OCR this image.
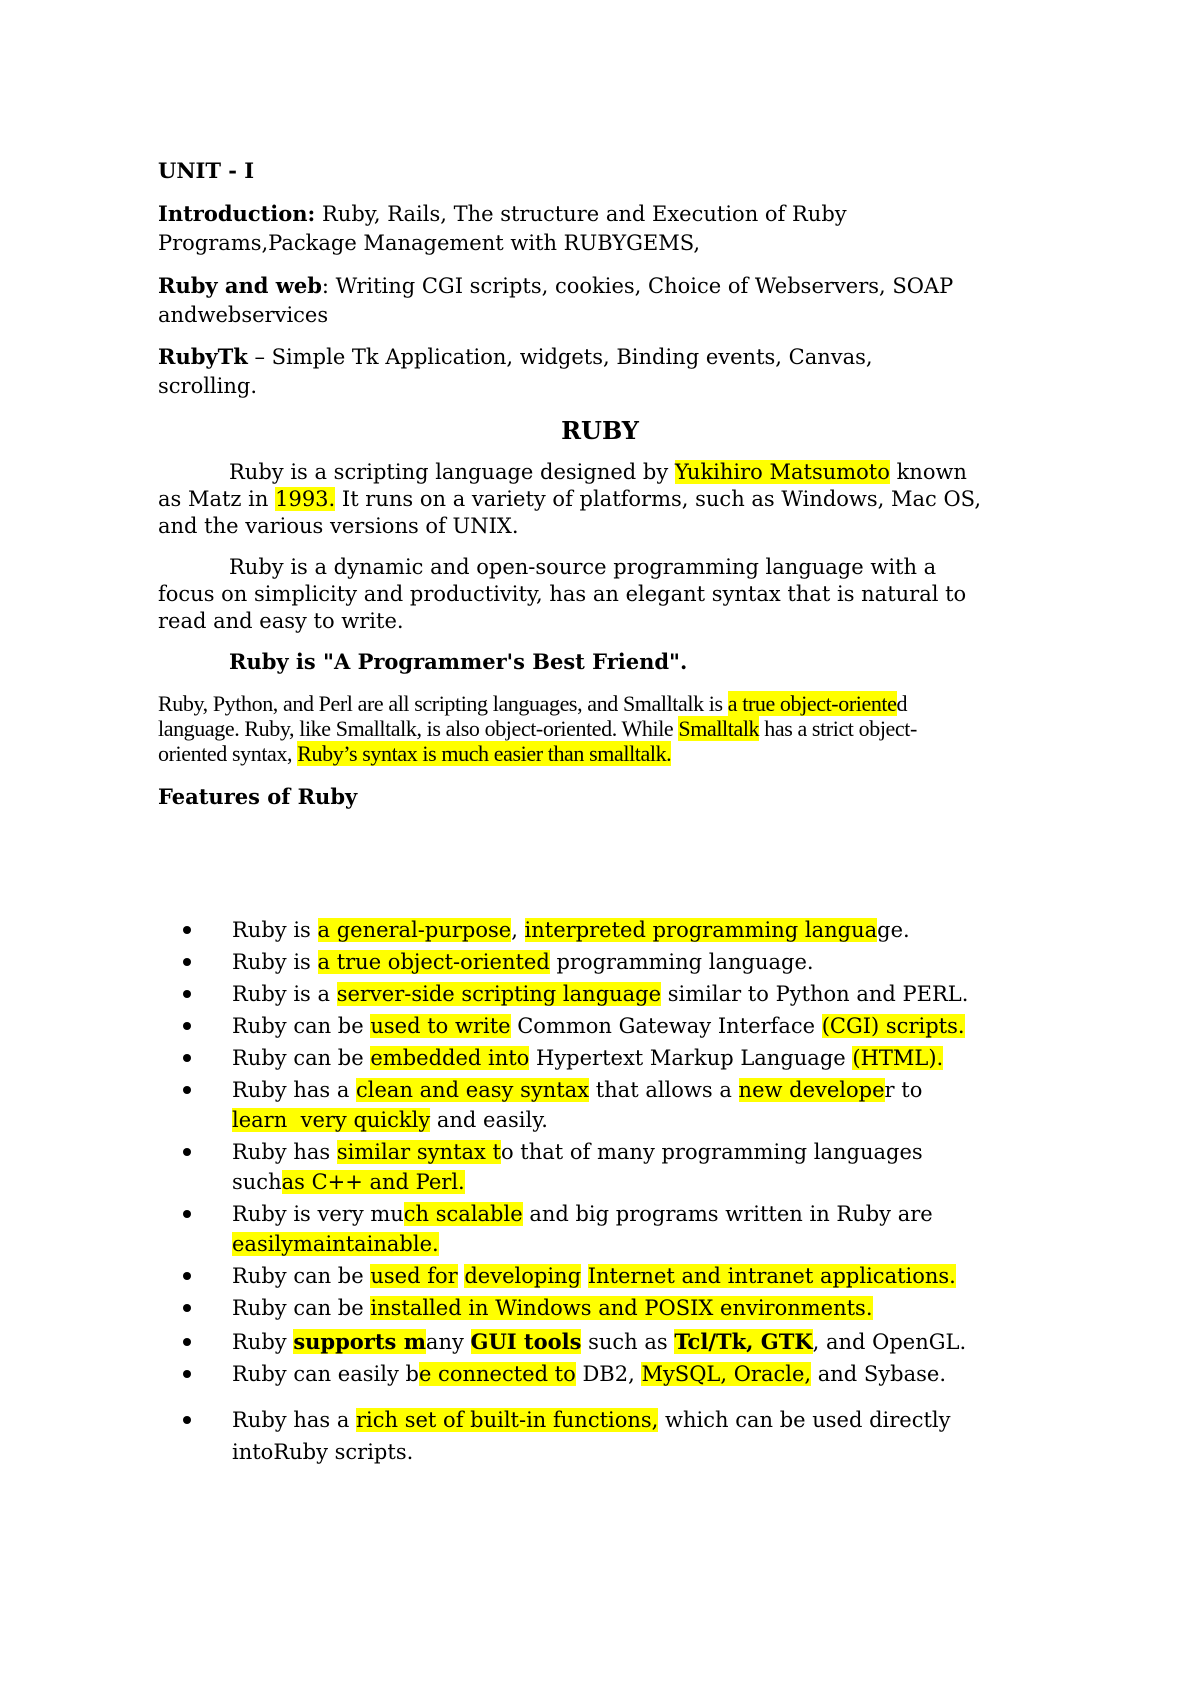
UNIT - I

Introduction: Ruby, Rails, The structure and Execution of Ruby

Programs,Package Management with RUBYGEMS,

Ruby and web: Writing CGI scripts, cookies, Choice of Webservers, SOAP

andwebservices

RubyTk – Simple Tk Application, widgets, Binding events, Canvas,

scrolling.

RUBY

Ruby is a scripting language designed by Yukihiro Matsumoto known

as Matz in 1993. It runs on a variety of platforms, such as Windows, Mac OS,

and the various versions of UNIX.

Ruby is a dynamic and open-source programming language with a

focus on simplicity and productivity, has an elegant syntax that is natural to

read and easy to write.

Ruby is "A Programmer's Best Friend".

Ruby, Python, and Perl are all scripting languages, and Smalltalk is a true object-oriented

language. Ruby, like Smalltalk, is also object-oriented. While Smalltalk has a strict object-

oriented syntax, Ruby’s syntax is much easier than smalltalk.

Features of Ruby

Ruby is a general-purpose, interpreted programming language.

Ruby is a true object-oriented programming language.

Ruby is a server-side scripting language similar to Python and PERL.

Ruby can be used to write Common Gateway Interface (CGI) scripts.

Ruby can be embedded into Hypertext Markup Language (HTML).

Ruby has a clean and easy syntax that allows a new developer to

learn  very quickly and easily.

Ruby has similar syntax to that of many programming languages

suchas C++ and Perl.

Ruby is very much scalable and big programs written in Ruby are

easilymaintainable.

Ruby can be used for developing Internet and intranet applications.

Ruby can be installed in Windows and POSIX environments.

Ruby supports many GUI tools such as Tcl/Tk, GTK, and OpenGL.

Ruby can easily be connected to DB2, MySQL, Oracle, and Sybase.

Ruby has a rich set of built-in functions, which can be used directly

intoRuby scripts.
